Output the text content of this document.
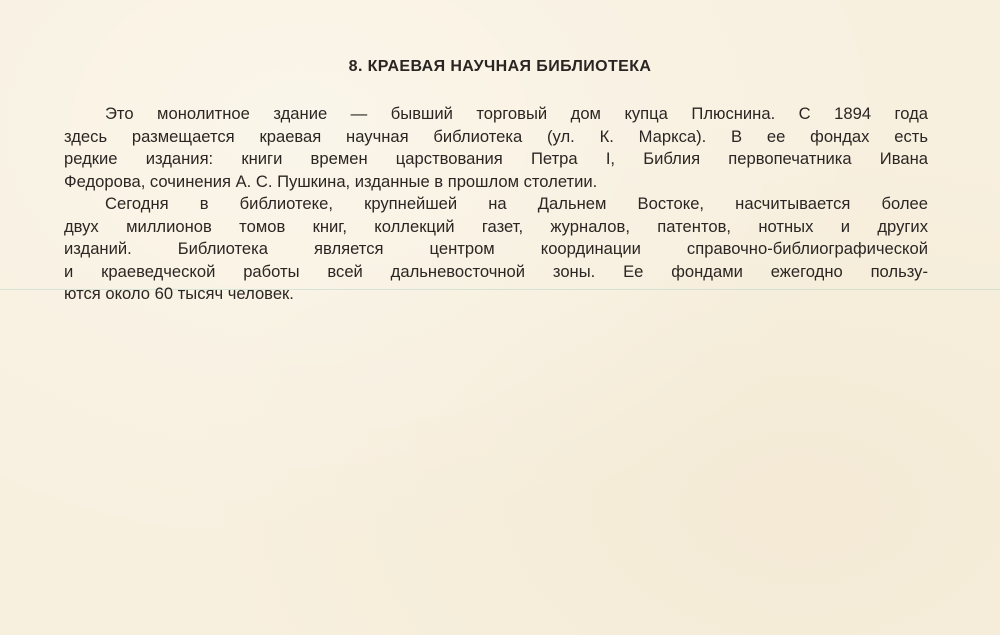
8. КРАЕВАЯ НАУЧНАЯ БИБЛИОТЕКА
Это монолитное здание — бывший торговый дом купца Плюснина. С 1894 года
здесь размещается краевая научная библиотека (ул. К. Маркса). В ее фондах есть
редкие издания: книги времен царствования Петра I, Библия первопечатника Ивана
Федорова, сочинения А. С. Пушкина, изданные в прошлом столетии.
Сегодня в библиотеке, крупнейшей на Дальнем Востоке, насчитывается более
двух миллионов томов книг, коллекций газет, журналов, патентов, нотных и других
изданий. Библиотека является центром координации справочно-библиографической
и краеведческой работы всей дальневосточной зоны. Ее фондами ежегодно пользу-
ются около 60 тысяч человек.
